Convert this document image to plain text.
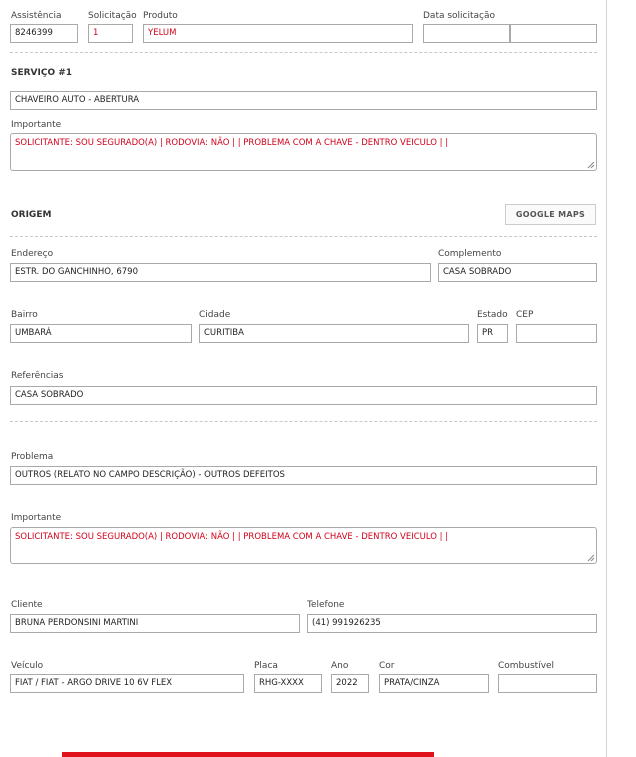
Assistência
8246399
Solicitação
1
Produto
YELUM
Data solicitação
SERVIÇO #1
CHAVEIRO AUTO - ABERTURA
Importante
SOLICITANTE: SOU SEGURADO(A) | RODOVIA: NÃO | | PROBLEMA COM A CHAVE - DENTRO VEICULO | |
ORIGEM	GOOGLE MAPS
Endereço
ESTR. DO GANCHINHO, 6790
Complemento
CASA SOBRADO
Bairro
UMBARÁ
Cidade
CURITIBA
Estado
PR
CEP
Referências
CASA SOBRADO
Problema
OUTROS (RELATO NO CAMPO DESCRIÇÃO) - OUTROS DEFEITOS
Importante
SOLICITANTE: SOU SEGURADO(A) | RODOVIA: NÃO | | PROBLEMA COM A CHAVE - DENTRO VEICULO | |
Cliente
BRUNA PERDONSINI MARTINI
Telefone
(41) 991926235
Veículo
FIAT / FIAT - ARGO DRIVE 10 6V FLEX
Placa
RHG-XXXX
Ano
2022
Cor
PRATA/CINZA
Combustível
